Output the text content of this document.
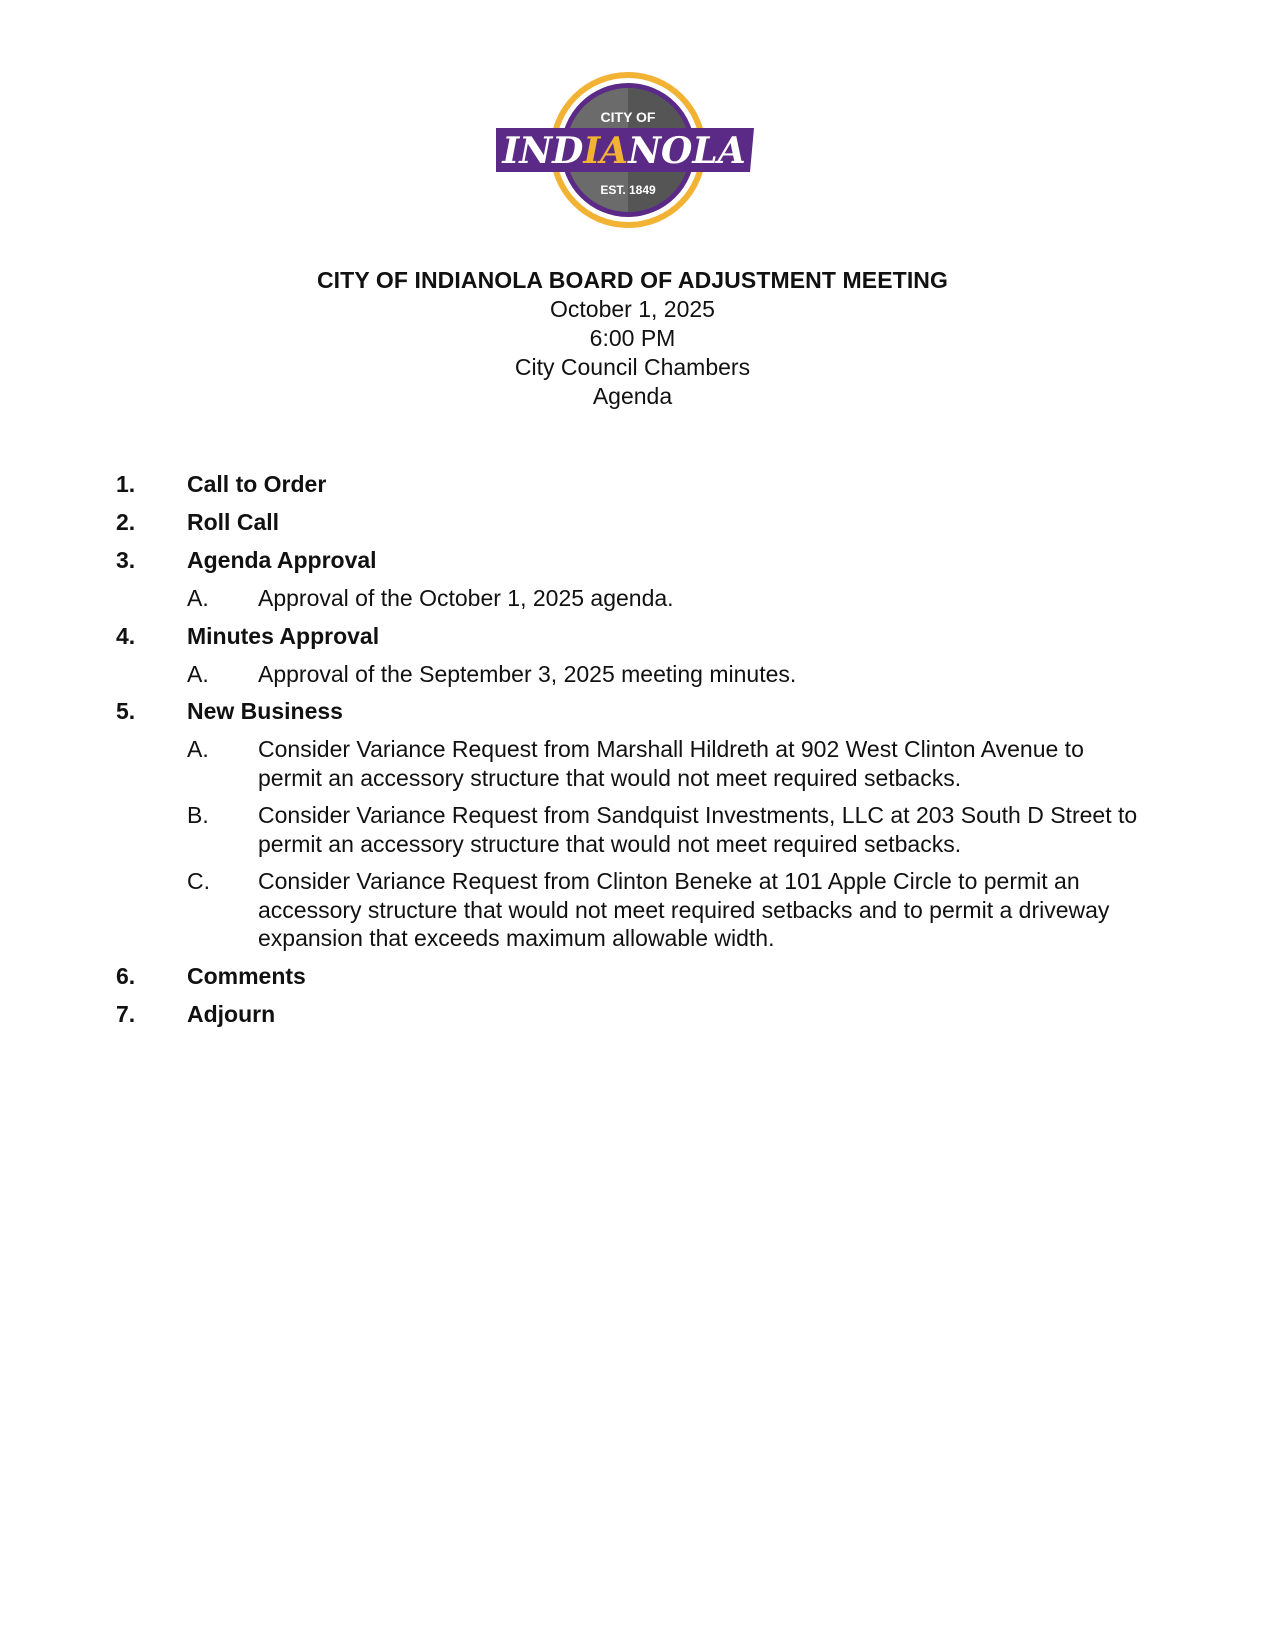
CITY OF
INDIANOLA
EST. 1849
CITY OF INDIANOLA BOARD OF ADJUSTMENT MEETING
October 1, 2025
6:00 PM
City Council Chambers
Agenda
1.	Call to Order
2.	Roll Call
3.	Agenda Approval
A.	Approval of the October 1, 2025 agenda.
4.	Minutes Approval
A.	Approval of the September 3, 2025 meeting minutes.
5.	New Business
A.	Consider Variance Request from Marshall Hildreth at 902 West Clinton Avenue to permit an accessory structure that would not meet required setbacks.
B.	Consider Variance Request from Sandquist Investments, LLC at 203 South D Street to permit an accessory structure that would not meet required setbacks.
C.	Consider Variance Request from Clinton Beneke at 101 Apple Circle to permit an accessory structure that would not meet required setbacks and to permit a driveway expansion that exceeds maximum allowable width.
6.	Comments
7.	Adjourn
